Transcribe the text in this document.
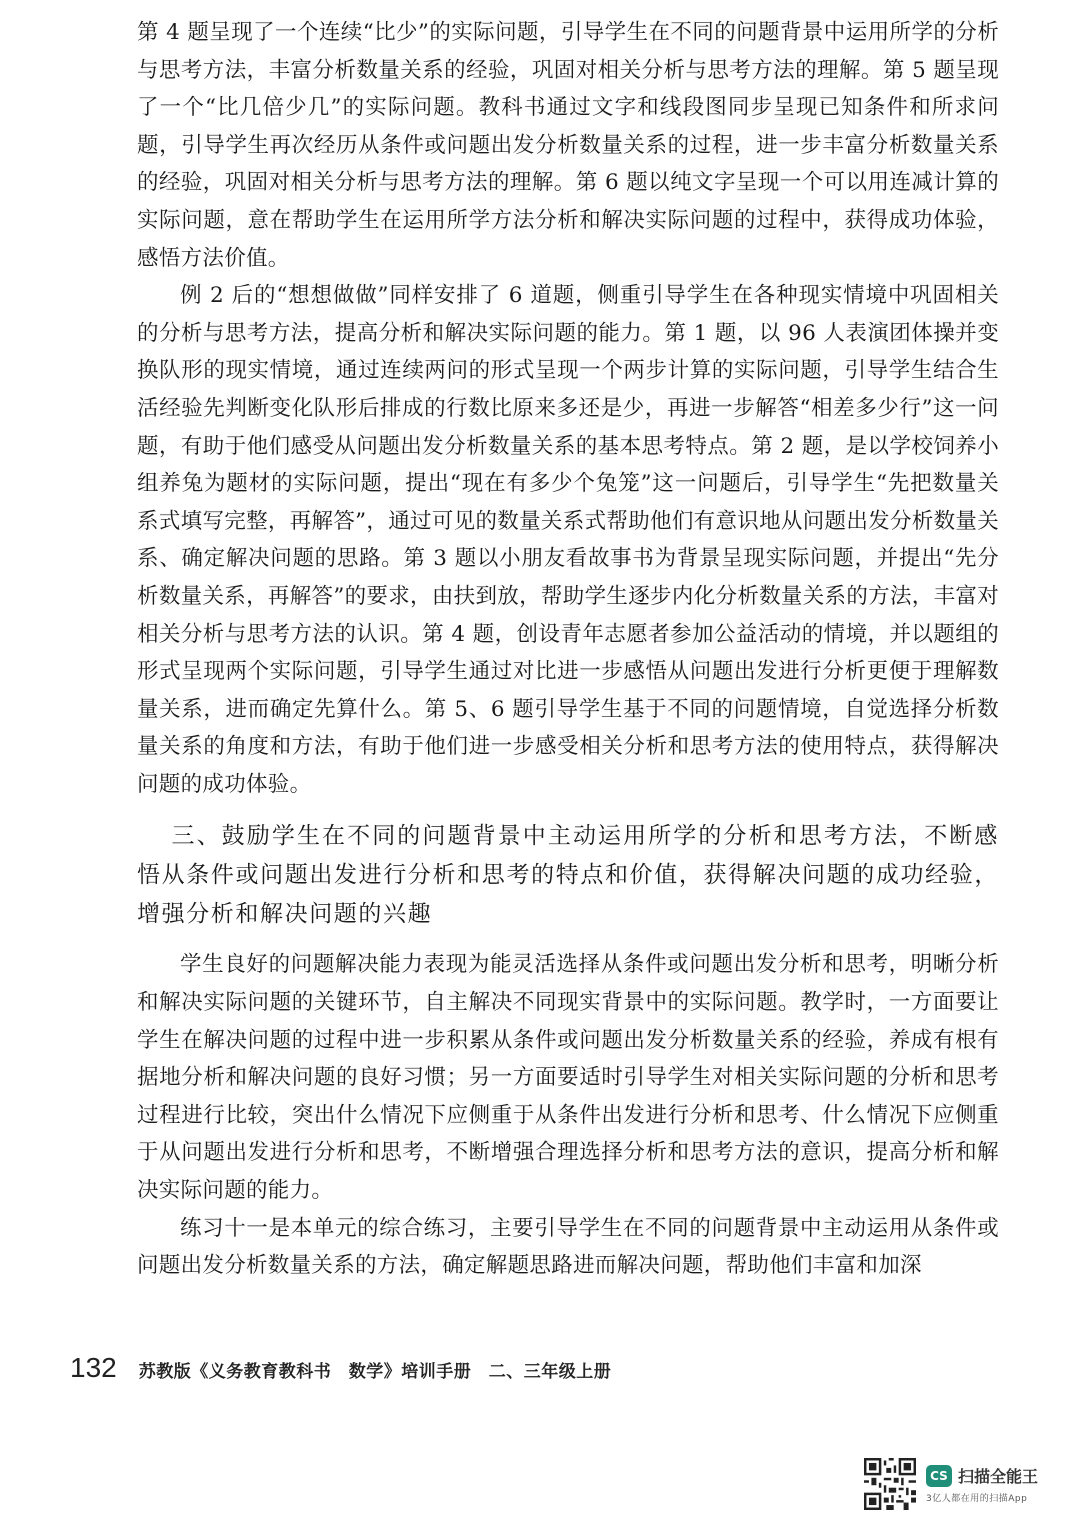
第 4 题呈现了一个连续“比少”的实际问题，引导学生在不同的问题背景中运用所学的分析与思考方法，丰富分析数量关系的经验，巩固对相关分析与思考方法的理解。第 5 题呈现了一个“比几倍少几”的实际问题。教科书通过文字和线段图同步呈现已知条件和所求问题，引导学生再次经历从条件或问题出发分析数量关系的过程，进一步丰富分析数量关系的经验，巩固对相关分析与思考方法的理解。第 6 题以纯文字呈现一个可以用连减计算的实际问题，意在帮助学生在运用所学方法分析和解决实际问题的过程中，获得成功体验，感悟方法价值。

例 2 后的“想想做做”同样安排了 6 道题，侧重引导学生在各种现实情境中巩固相关的分析与思考方法，提高分析和解决实际问题的能力。第 1 题，以 96 人表演团体操并变换队形的现实情境，通过连续两问的形式呈现一个两步计算的实际问题，引导学生结合生活经验先判断变化队形后排成的行数比原来多还是少，再进一步解答“相差多少行”这一问题，有助于他们感受从问题出发分析数量关系的基本思考特点。第 2 题，是以学校饲养小组养兔为题材的实际问题，提出“现在有多少个兔笼”这一问题后，引导学生“先把数量关系式填写完整，再解答”，通过可见的数量关系式帮助他们有意识地从问题出发分析数量关系、确定解决问题的思路。第 3 题以小朋友看故事书为背景呈现实际问题，并提出“先分析数量关系，再解答”的要求，由扶到放，帮助学生逐步内化分析数量关系的方法，丰富对相关分析与思考方法的认识。第 4 题，创设青年志愿者参加公益活动的情境，并以题组的形式呈现两个实际问题，引导学生通过对比进一步感悟从问题出发进行分析更便于理解数量关系，进而确定先算什么。第 5、6 题引导学生基于不同的问题情境，自觉选择分析数量关系的角度和方法，有助于他们进一步感受相关分析和思考方法的使用特点，获得解决问题的成功体验。

三、鼓励学生在不同的问题背景中主动运用所学的分析和思考方法，不断感悟从条件或问题出发进行分析和思考的特点和价值，获得解决问题的成功经验，增强分析和解决问题的兴趣

学生良好的问题解决能力表现为能灵活选择从条件或问题出发分析和思考，明晰分析和解决实际问题的关键环节，自主解决不同现实背景中的实际问题。教学时，一方面要让学生在解决问题的过程中进一步积累从条件或问题出发分析数量关系的经验，养成有根有据地分析和解决问题的良好习惯；另一方面要适时引导学生对相关实际问题的分析和思考过程进行比较，突出什么情况下应侧重于从条件出发进行分析和思考、什么情况下应侧重于从问题出发进行分析和思考，不断增强合理选择分析和思考方法的意识，提高分析和解决实际问题的能力。

练习十一是本单元的综合练习，主要引导学生在不同的问题背景中主动运用从条件或问题出发分析数量关系的方法，确定解题思路进而解决问题，帮助他们丰富和加深

132 苏教版《义务教育教科书　数学》培训手册　二、三年级上册
CS 扫描全能王
3亿人都在用的扫描App
